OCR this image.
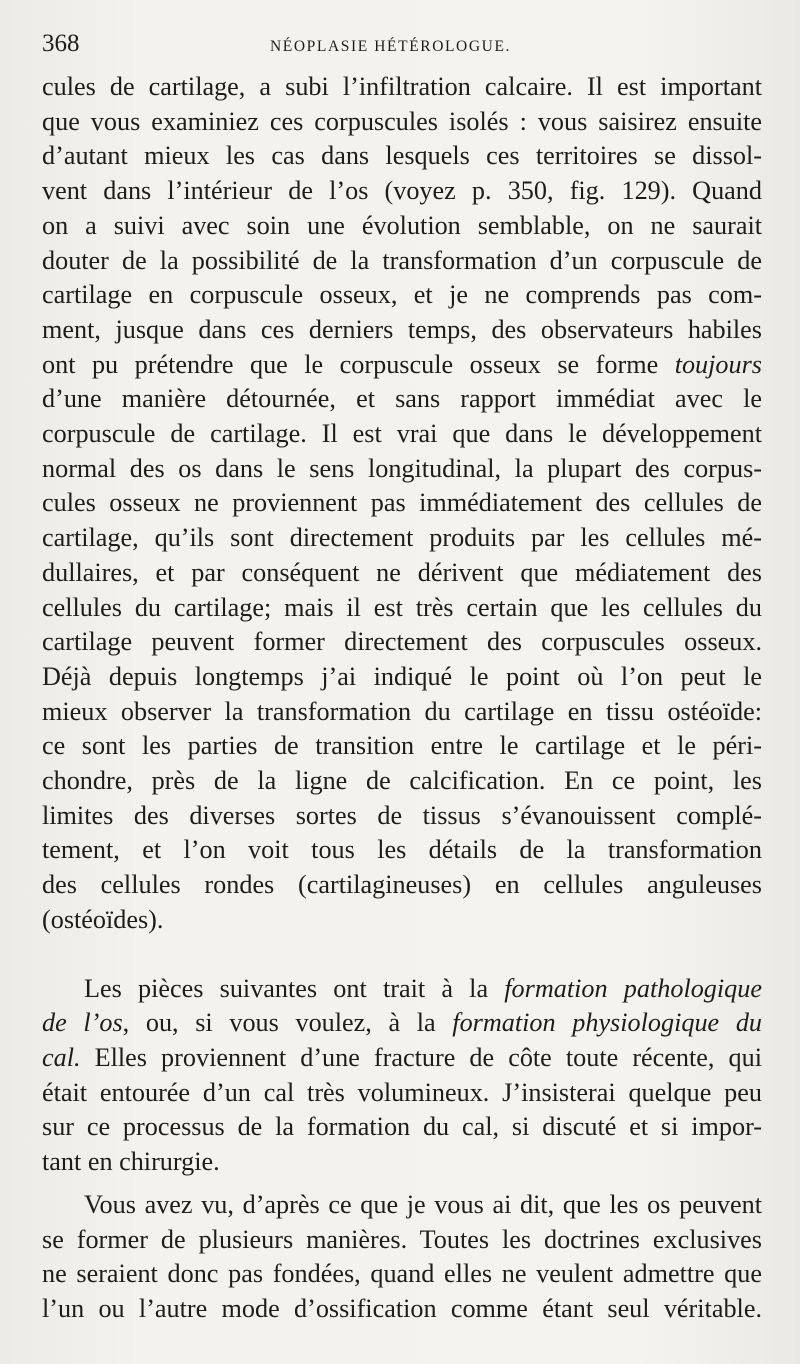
368	NÉOPLASIE HÉTÉROLOGUE.

cules de cartilage, a subi l’infiltration calcaire. Il est important
que vous examiniez ces corpuscules isolés : vous saisirez ensuite
d’autant mieux les cas dans lesquels ces territoires se dissol-
vent dans l’intérieur de l’os (voyez p. 350, fig. 129). Quand
on a suivi avec soin une évolution semblable, on ne saurait
douter de la possibilité de la transformation d’un corpuscule de
cartilage en corpuscule osseux, et je ne comprends pas com-
ment, jusque dans ces derniers temps, des observateurs habiles
ont pu prétendre que le corpuscule osseux se forme toujours
d’une manière détournée, et sans rapport immédiat avec le
corpuscule de cartilage. Il est vrai que dans le développement
normal des os dans le sens longitudinal, la plupart des corpus-
cules osseux ne proviennent pas immédiatement des cellules de
cartilage, qu’ils sont directement produits par les cellules mé-
dullaires, et par conséquent ne dérivent que médiatement des
cellules du cartilage; mais il est très certain que les cellules du
cartilage peuvent former directement des corpuscules osseux.
Déjà depuis longtemps j’ai indiqué le point où l’on peut le
mieux observer la transformation du cartilage en tissu ostéoïde:
ce sont les parties de transition entre le cartilage et le péri-
chondre, près de la ligne de calcification. En ce point, les
limites des diverses sortes de tissus s’évanouissent complé-
tement, et l’on voit tous les détails de la transformation
des cellules rondes (cartilagineuses) en cellules anguleuses
(ostéoïdes).

Les pièces suivantes ont trait à la formation pathologique
de l’os, ou, si vous voulez, à la formation physiologique du
cal. Elles proviennent d’une fracture de côte toute récente, qui
était entourée d’un cal très volumineux. J’insisterai quelque peu
sur ce processus de la formation du cal, si discuté et si impor-
tant en chirurgie.

Vous avez vu, d’après ce que je vous ai dit, que les os peuvent
se former de plusieurs manières. Toutes les doctrines exclusives
ne seraient donc pas fondées, quand elles ne veulent admettre que
l’un ou l’autre mode d’ossification comme étant seul véritable.
